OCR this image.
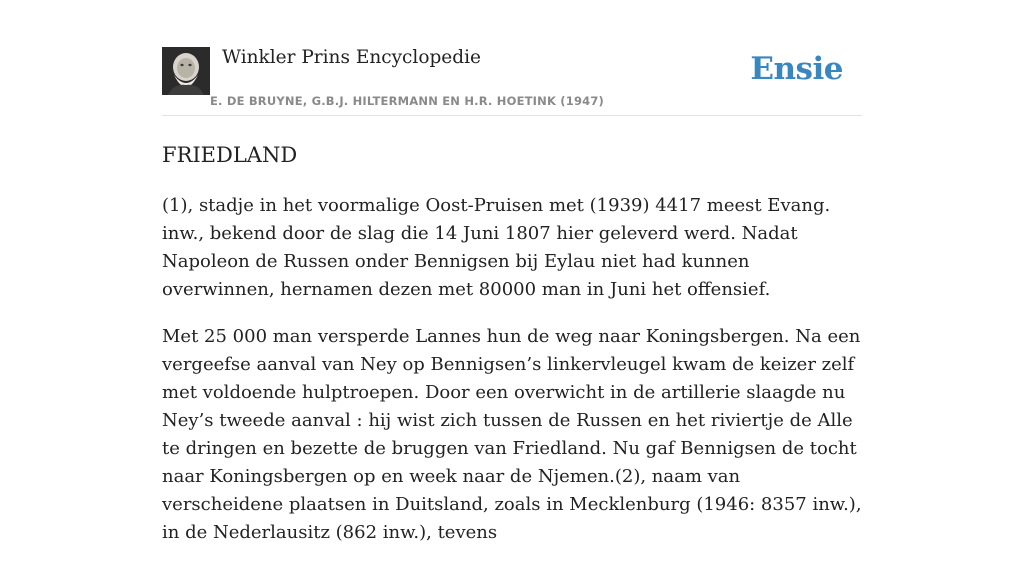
Winkler Prins Encyclopedie
E. DE BRUYNE, G.B.J. HILTERMANN EN H.R. HOETINK (1947)
Ensie
FRIEDLAND

(1), stadje in het voormalige Oost-Pruisen met (1939) 4417 meest Evang. inw., bekend door de slag die 14 Juni 1807 hier geleverd werd. Nadat Napoleon de Russen onder Bennigsen bij Eylau niet had kunnen overwinnen, hernamen dezen met 80000 man in Juni het offensief.

Met 25 000 man versperde Lannes hun de weg naar Koningsbergen. Na een vergeefse aanval van Ney op Bennigsen’s linkervleugel kwam de keizer zelf met voldoende hulptroepen. Door een overwicht in de artillerie slaagde nu Ney’s tweede aanval : hij wist zich tussen de Russen en het riviertje de Alle te dringen en bezette de bruggen van Friedland. Nu gaf Bennigsen de tocht naar Koningsbergen op en week naar de Njemen.(2), naam van verscheidene plaatsen in Duitsland, zoals in Mecklenburg (1946: 8357 inw.), in de Nederlausitz (862 inw.), tevens
